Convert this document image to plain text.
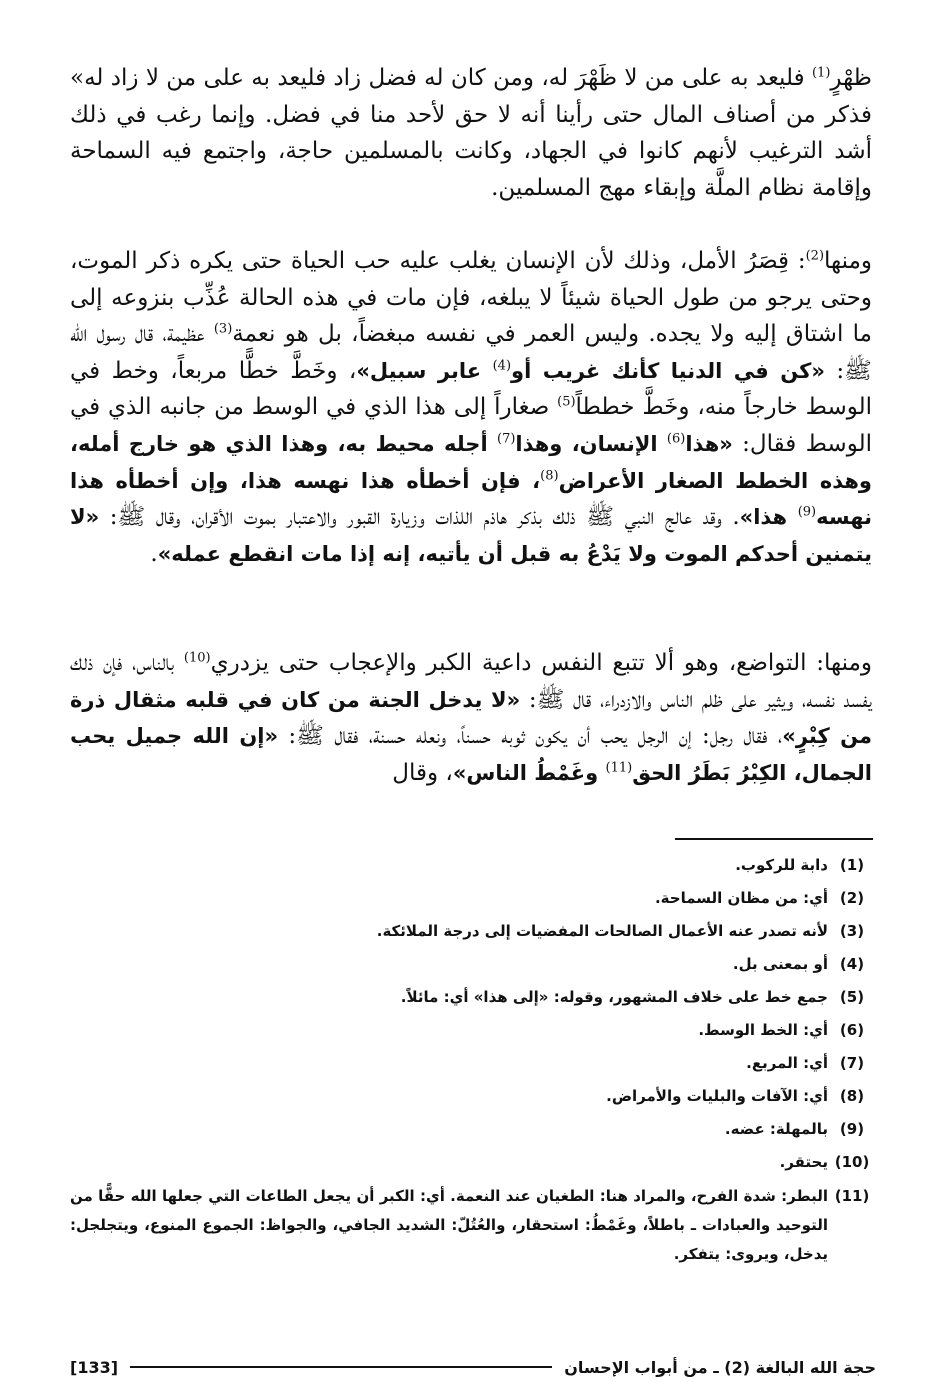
ظهْرٍ$^{(1)}$ فليعد به على من لا ظَهْرَ له، ومن كان له فضل زاد فليعد به على من لا زاد له» فذكر من أصناف المال حتى رأينا أنه لا حق لأحد منا في فضل. وإنما رغب في ذلك أشد الترغيب لأنهم كانوا في الجهاد، وكانت بالمسلمين حاجة، واجتمع فيه السماحة وإقامة نظام الملَّة وإبقاء مهج المسلمين.

ومنها$^{(2)}$: قِصَرُ الأمل، وذلك لأن الإنسان يغلب عليه حب الحياة حتى يكره ذكر الموت، وحتى يرجو من طول الحياة شيئاً لا يبلغه، فإن مات في هذه الحالة عُذِّب بنزوعه إلى ما اشتاق إليه ولا يجده. وليس العمر في نفسه مبغضاً، بل هو نعمة$^{(3)}$ عظيمة، قال رسول الله ﷺ: «كن في الدنيا كأنك غريب أو$^{(4)}$ عابر سبيل»، وخَطَّ خطًّا مربعاً، وخط في الوسط خارجاً منه، وخَطَّ خططاً$^{(5)}$ صغاراً إلى هذا الذي في الوسط من جانبه الذي في الوسط فقال: «هذا$^{(6)}$ الإنسان، وهذا$^{(7)}$ أجله محيط به، وهذا الذي هو خارج أمله، وهذه الخطط الصغار الأعراض$^{(8)}$، فإن أخطأه هذا نهسه هذا، وإن أخطأه هذا نهسه$^{(9)}$ هذا». وقد عالج النبي ﷺ ذلك بذكر هاذم اللذات وزيارة القبور والاعتبار بموت الأقران، وقال ﷺ: «لا يتمنين أحدكم الموت ولا يَدْعُ به قبل أن يأتيه، إنه إذا مات انقطع عمله».

ومنها: التواضع، وهو ألا تتبع النفس داعية الكبر والإعجاب حتى يزدري$^{(10)}$ بالناس، فإن ذلك يفسد نفسه، ويثير على ظلم الناس والازدراء، قال ﷺ: «لا يدخل الجنة من كان في قلبه مثقال ذرة من كِبْرٍ»، فقال رجل: إن الرجل يحب أن يكون ثوبه حسناً، ونعله حسنة، فقال ﷺ: «إن الله جميل يحب الجمال، الكِبْرُ بَطَرُ الحق$^{(11)}$ وغَمْطُ الناس»، وقال

(1)
دابة للركوب.
(2)
أي: من مظان السماحة.
(3)
لأنه تصدر عنه الأعمال الصالحات المفضيات إلى درجة الملائكة.
(4)
أو بمعنى بل.
(5)
جمع خط على خلاف المشهور، وقوله: «إلى هذا» أي: مائلاً.
(6)
أي: الخط الوسط.
(7)
أي: المربع.
(8)
أي: الآفات والبليات والأمراض.
(9)
بالمهلة: عضه.
(10)
يحتقر.
(11)
البطر: شدة الفرح، والمراد هنا: الطغيان عند النعمة. أي: الكبر أن يجعل الطاعات التي جعلها الله حقًّا من التوحيد والعبادات ـ باطلاً، وغَمْطُ: استحقار، والعُتُلّ: الشديد الجافي، والجواظ: الجموع المنوع، ويتجلجل: يدخل، ويروى: يتفكر.
حجة الله البالغة (2) ـ من أبواب الإحسان
[133]
